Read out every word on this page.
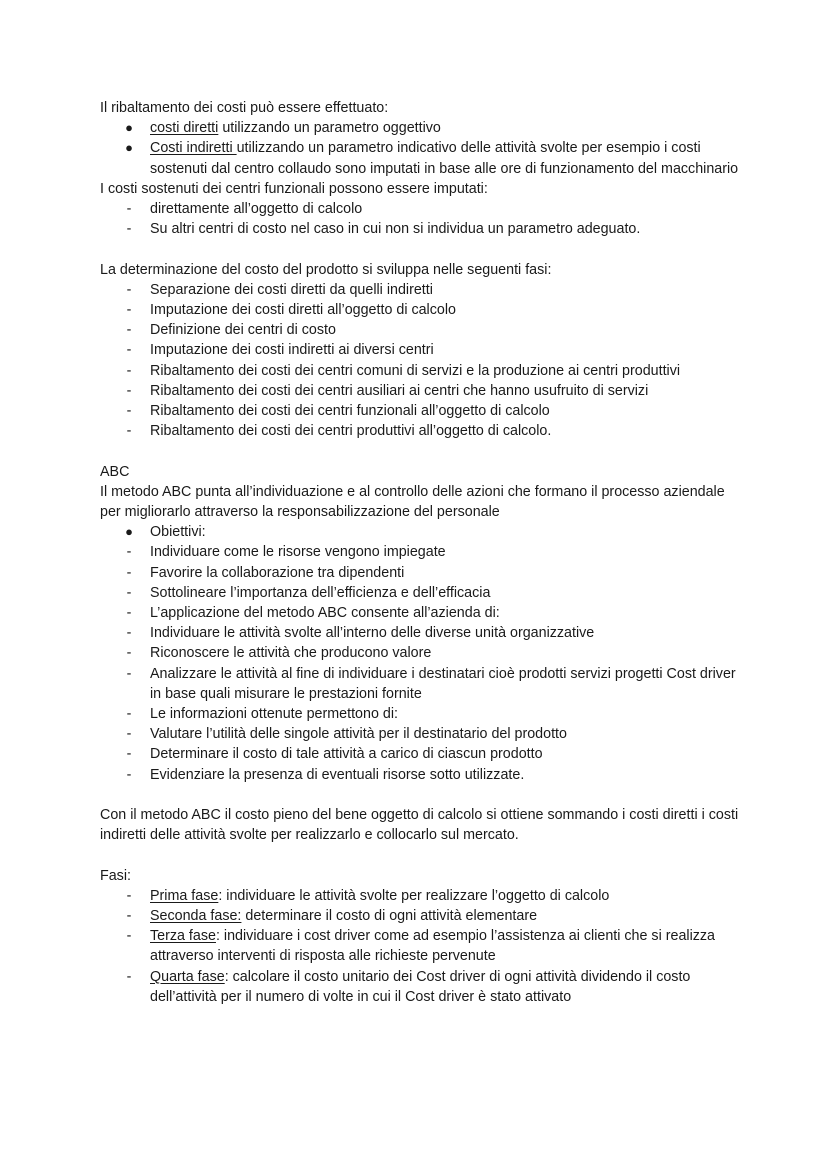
Il ribaltamento dei costi può essere effettuato:

● costi diretti utilizzando un parametro oggettivo
● Costi indiretti utilizzando un parametro indicativo delle attività svolte per esempio i costi sostenuti dal centro collaudo sono imputati in base alle ore di funzionamento del macchinario

I costi sostenuti dei centri funzionali possono essere imputati:

-	direttamente all’oggetto di calcolo
-	Su altri centri di costo nel caso in cui non si individua un parametro adeguato.

La determinazione del costo del prodotto si sviluppa nelle seguenti fasi:

-	Separazione dei costi diretti da quelli indiretti
-	Imputazione dei costi diretti all’oggetto di calcolo
-	Definizione dei centri di costo
-	Imputazione dei costi indiretti ai diversi centri
-	Ribaltamento dei costi dei centri comuni di servizi e la produzione ai centri produttivi
-	Ribaltamento dei costi dei centri ausiliari ai centri che hanno usufruito di servizi
-	Ribaltamento dei costi dei centri funzionali all’oggetto di calcolo
-	Ribaltamento dei costi dei centri produttivi all’oggetto di calcolo.

ABC

Il metodo ABC punta all’individuazione e al controllo delle azioni che formano il processo aziendale per migliorarlo attraverso la responsabilizzazione del personale

● Obiettivi:
-	Individuare come le risorse vengono impiegate
-	Favorire la collaborazione tra dipendenti
-	Sottolineare l’importanza dell’efficienza e dell’efficacia
-	L’applicazione del metodo ABC consente all’azienda di:
-	Individuare le attività svolte all’interno delle diverse unità organizzative
-	Riconoscere le attività che producono valore
-	Analizzare le attività al fine di individuare i destinatari cioè prodotti servizi progetti Cost driver in base quali misurare le prestazioni fornite
-	Le informazioni ottenute permettono di:
-	Valutare l’utilità delle singole attività per il destinatario del prodotto
-	Determinare il costo di tale attività a carico di ciascun prodotto
-	Evidenziare la presenza di eventuali risorse sotto utilizzate.

Con il metodo ABC il costo pieno del bene oggetto di calcolo si ottiene sommando i costi diretti i costi indiretti delle attività svolte per realizzarlo e collocarlo sul mercato.

Fasi:

-	Prima fase: individuare le attività svolte per realizzare l’oggetto di calcolo
-	Seconda fase: determinare il costo di ogni attività elementare
-	Terza fase: individuare i cost driver come ad esempio l’assistenza ai clienti che si realizza attraverso interventi di risposta alle richieste pervenute
-	Quarta fase: calcolare il costo unitario dei Cost driver di ogni attività dividendo il costo dell’attività per il numero di volte in cui il Cost driver è stato attivato
